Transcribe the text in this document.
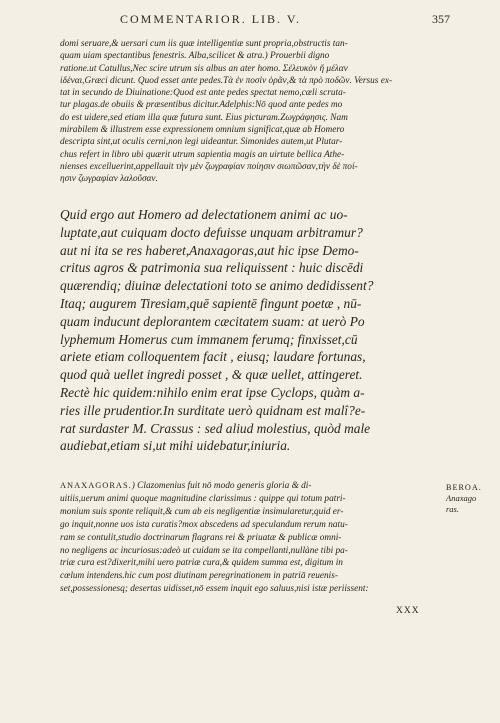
COMMENTARIOR. LIB. V.	357
domi seruare,& uersari cum iis quæ intelligentiæ sunt propria,obstructis tan-
quam uiam spectantibus fenestris. Alba,scilicet & atra.) Prouerbii digno
ratione.ut Catullus,Nec scire utrum sis albus an ater homo. Σἐλευκὸν ἤ μέλαν
ἱδέναι,Græci dicunt. Quod esset ante pedes.Τὰ ἐν ποσὶν ὁρᾶν,& τὰ πρὸ ποδῶν. Versus ex-
tat in secundo de Diuinatione:Quod est ante pedes spectat nemo,cæli scruta-
tur plagas.de obuiis & præsentibus dicitur.Adelphis:Nō quod ante pedes mo
do est uidere,sed etiam illa quæ futura sunt. Eius picturam.Ζωγράφησις. Nam
mirabilem & illustrem esse expressionem omnium significat,quæ ab Homero
descripta sint,ut oculis cerni,non legi uideantur. Simonides autem,ut Plutar-
chus refert in libro ubi quærit utrum sapientia magis an uirtute bellica Athe-
nienses excelluerint,appellauit τὴν μὲν ζωγραφίαν ποίησιν σιωπῶσαν,τὴν δὲ ποί-
ησιν ζωγραφίαν λαλοῦσαν.
Quid ergo aut Homero ad delectationem animi ac uo-
luptate,aut cuiquam docto defuisse unquam arbitramur?
aut ni ita se res haberet,Anaxagoras,aut hic ipse Demo-
critus agros & patrimonia sua reliquissent : huic discēdi
quærendiq; diuinæ delectationi toto se animo dedidissent?
Itaq; augurem Tiresiam,quē sapientē fingunt poetæ , nū-
quam inducunt deplorantem cæcitatem suam: at uerò Po
lyphemum Homerus cum immanem ferumq; finxisset,cū
ariete etiam colloquentem facit , eiusq; laudare fortunas,
quod quà uellet ingredi posset , & quæ uellet, attingeret.
Rectè hic quidem:nihilo enim erat ipse Cyclops, quàm a-
ries ille prudentior.In surditate uerò quidnam est malî?e-
rat surdaster M. Crassus : sed aliud molestius, quòd male
audiebat,etiam si,ut mihi uidebatur,iniuria.
ANAXAGORAS.) Clazomenius fuit nō modo generis gloria & di-
uitiis,uerum animi quoque magnitudine clarissimus : quippe qui totum patri-
monium suis sponte reliquit,& cum ab eis negligentiæ insimularetur,quid er-
go inquit,nonne uos ista curatis?mox abscedens ad speculandum rerum natu-
ram se contulit,studio doctrinarum flagrans rei & priuatæ & publicæ omni-
no negligens ac incuriosus:adeò ut cuidam se ita compellanti,nullàne tibi pa-
triæ cura est?dixerit,mihi uero patriæ cura,& quidem summa est, digitum in
cœlum intendens.hic cum post diutinam peregrinationem in patriā reuenis-
set,possessionesq; desertas uidisset,nō essem inquit ego saluus,nisi istæ periissent:
BEROA.
Anaxago
ras.
XXX
